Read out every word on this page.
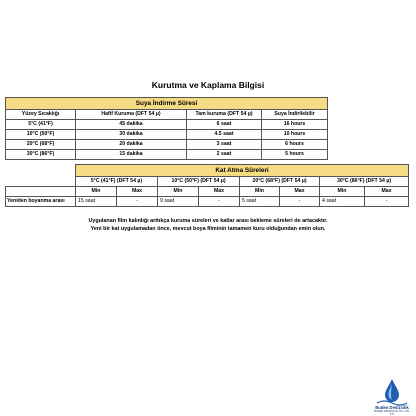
Kurutma ve Kaplama Bilgisi
Suya İndirme Süresi			
Yüzey Sıcaklığı	Hafif Kuruma (DFT 54 µ)	Tam kuruma (DFT 54 µ)	Suya İndirilebilir
5°C (41°F)	45 dakika	6 saat	16 hours
10°C (50°F)	30 dakika	4.5 saat	10 hours
20°C (68°F)	20 dakika	3 saat	6 hours
30°C (86°F)	15 dakika	2 saat	5 hours
	Kat Atma Süreleri							
	5°C (41°F) (DFT 54 µ)		10°C (50°F) (DFT 54 µ)		20°C (68°F) (DFT 54 µ)		30°C (86°F) (DFT 54 µ)	
	Min	Max	Min	Max	Min	Max	Min	Max
Yeniden boyanma arası	15 saat	-	9 saat	-	5 saat	-	4 saat	-
Uygulanan film kalınlığı arttıkça kuruma süreleri ve katlar arası bekleme süreleri de artacaktır.
Yeni bir kat uygulamadan önce, mevcut boya filminin tamamen kuru olduğundan emin olun.
Buden Denizcilik
BUDEN DENIZCILIK TIC. LTD. STI.
